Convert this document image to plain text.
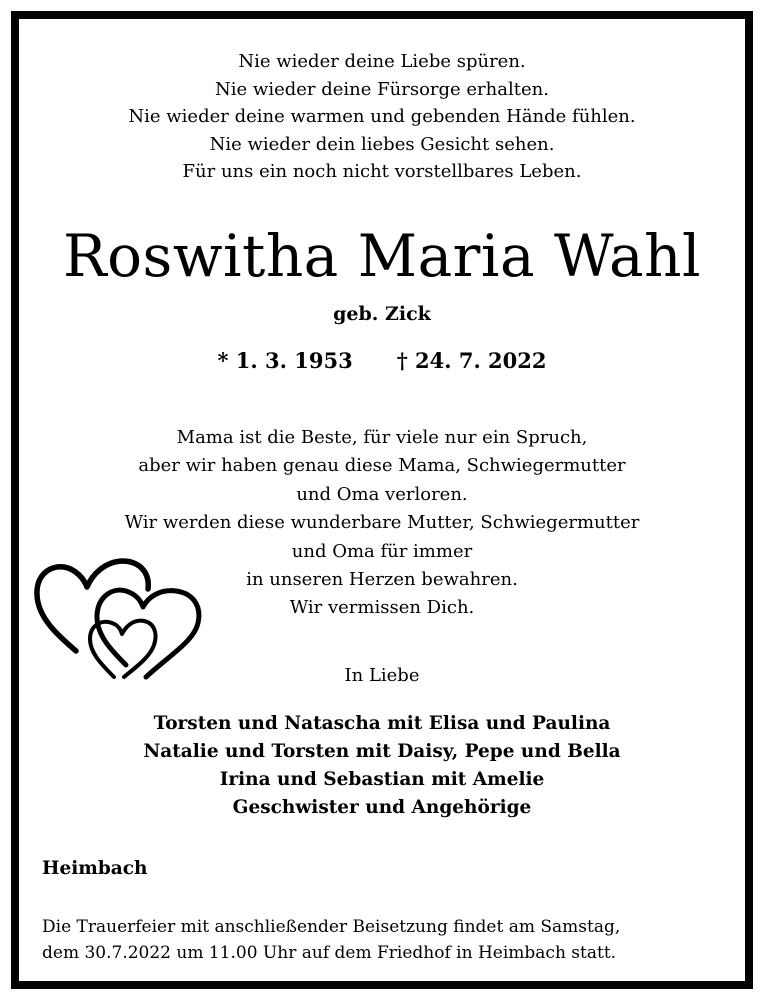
Nie wieder deine Liebe spüren.
Nie wieder deine Fürsorge erhalten.
Nie wieder deine warmen und gebenden Hände fühlen.
Nie wieder dein liebes Gesicht sehen.
Für uns ein noch nicht vorstellbares Leben.
Roswitha Maria Wahl
geb. Zick
* 1. 3. 1953 † 24. 7. 2022
Mama ist die Beste, für viele nur ein Spruch,
aber wir haben genau diese Mama, Schwiegermutter
und Oma verloren.
Wir werden diese wunderbare Mutter, Schwiegermutter
und Oma für immer
in unseren Herzen bewahren.
Wir vermissen Dich.
In Liebe
Torsten und Natascha mit Elisa und Paulina
Natalie und Torsten mit Daisy, Pepe und Bella
Irina und Sebastian mit Amelie
Geschwister und Angehörige
Heimbach
Die Trauerfeier mit anschließender Beisetzung findet am Samstag,
dem 30.7.2022 um 11.00 Uhr auf dem Friedhof in Heimbach statt.
